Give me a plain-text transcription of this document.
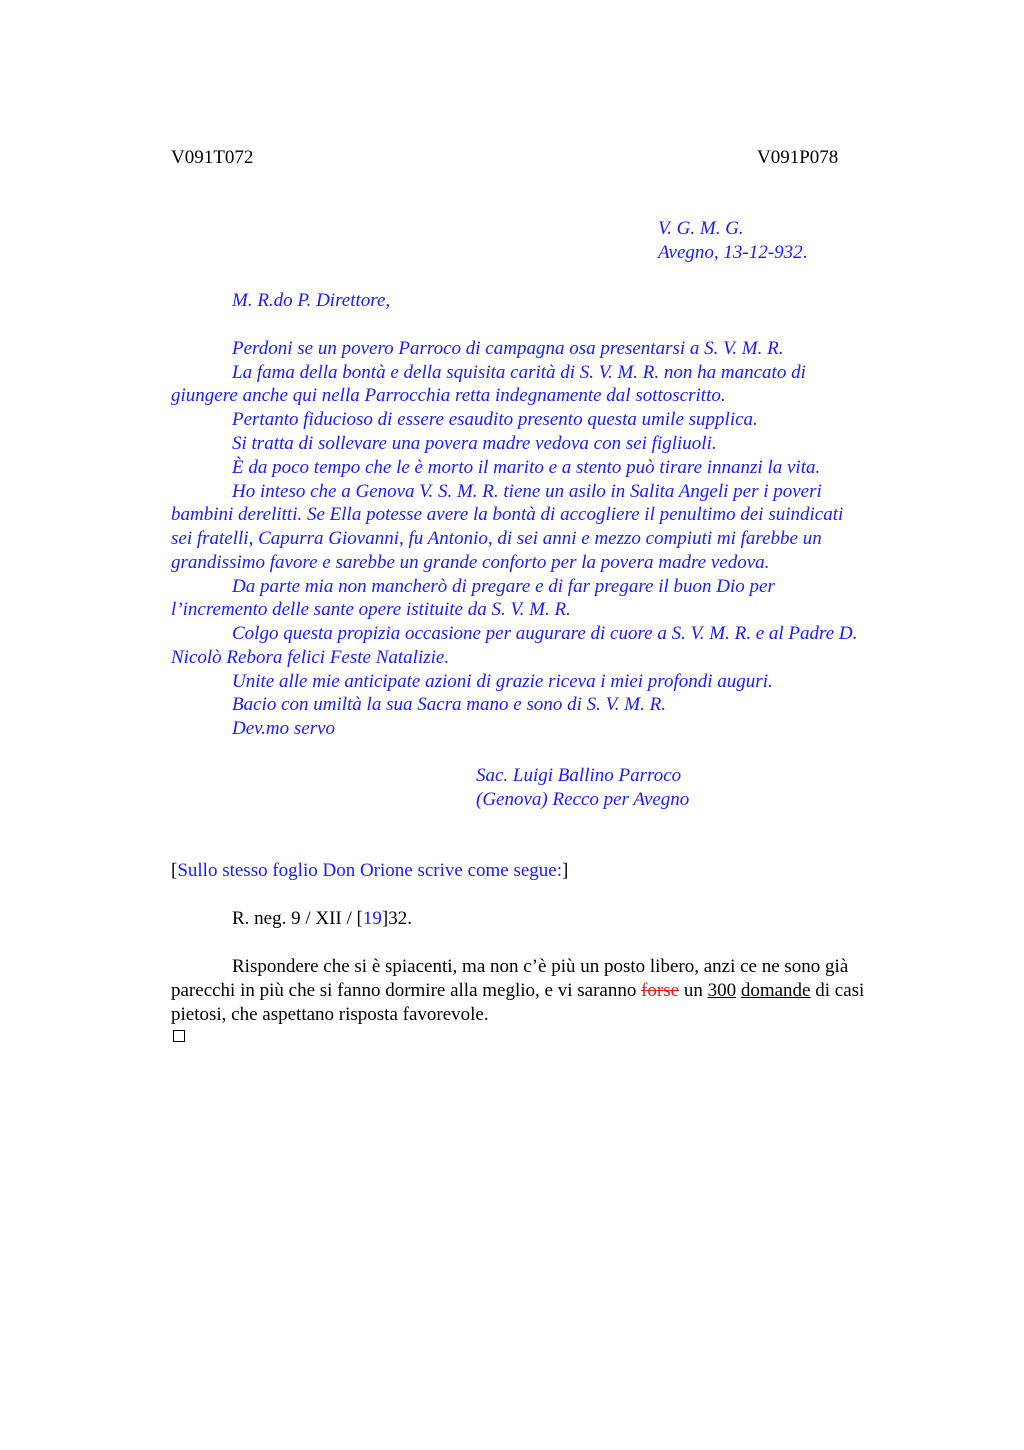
V091T072	V091P078
V. G. M. G.
Avegno, 13-12-932.
M. R.do P. Direttore,
Perdoni se un povero Parroco di campagna osa presentarsi a S. V. M. R.
La fama della bontà e della squisita carità di S. V. M. R. non ha mancato di
giungere anche qui nella Parrocchia retta indegnamente dal sottoscritto.
Pertanto fiducioso di essere esaudito presento questa umile supplica.
Si tratta di sollevare una povera madre vedova con sei figliuoli.
È da poco tempo che le è morto il marito e a stento può tirare innanzi la vita.
Ho inteso che a Genova V. S. M. R. tiene un asilo in Salita Angeli per i poveri
bambini derelitti. Se Ella potesse avere la bontà di accogliere il penultimo dei suindicati
sei fratelli, Capurra Giovanni, fu Antonio, di sei anni e mezzo compiuti mi farebbe un
grandissimo favore e sarebbe un grande conforto per la povera madre vedova.
Da parte mia non mancherò di pregare e di far pregare il buon Dio per
l’incremento delle sante opere istituite da S. V. M. R.
Colgo questa propizia occasione per augurare di cuore a S. V. M. R. e al Padre D.
Nicolò Rebora felici Feste Natalizie.
Unite alle mie anticipate azioni di grazie riceva i miei profondi auguri.
Bacio con umiltà la sua Sacra mano e sono di S. V. M. R.
Dev.mo servo
Sac. Luigi Ballino Parroco
(Genova) Recco per Avegno
[Sullo stesso foglio Don Orione scrive come segue:]
R. neg. 9 / XII / [19]32.
Rispondere che si è spiacenti, ma non c’è più un posto libero, anzi ce ne sono già
parecchi in più che si fanno dormire alla meglio, e vi saranno forse un 300 domande di casi
pietosi, che aspettano risposta favorevole.
